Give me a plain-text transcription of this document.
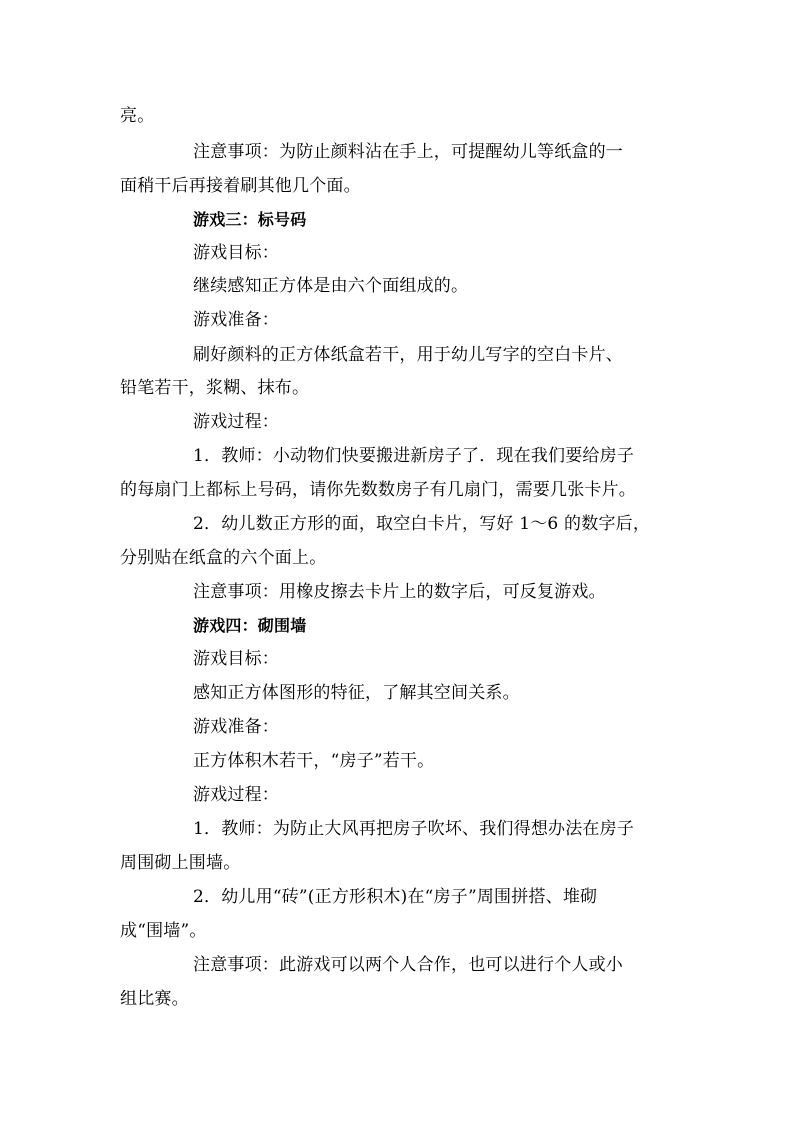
亮。
注意事项：为防止颜料沾在手上，可提醒幼儿等纸盒的一
面稍干后再接着刷其他几个面。
游戏三：标号码
游戏目标：
继续感知正方体是由六个面组成的。
游戏准备：
刷好颜料的正方体纸盒若干，用于幼儿写字的空白卡片、
铅笔若干，浆糊、抹布。
游戏过程：
1．教师：小动物们快要搬进新房子了．现在我们要给房子
的每扇门上都标上号码，请你先数数房子有几扇门，需要几张卡片。
2．幼儿数正方形的面，取空白卡片，写好 1～6 的数字后，
分别贴在纸盒的六个面上。
注意事项：用橡皮擦去卡片上的数字后，可反复游戏。
游戏四：砌围墙
游戏目标：
感知正方体图形的特征，了解其空间关系。
游戏准备：
正方体积木若干，“房子”若干。
游戏过程：
1．教师：为防止大风再把房子吹坏、我们得想办法在房子
周围砌上围墙。
2．幼儿用“砖”(正方形积木)在“房子”周围拼搭、堆砌
成“围墙”。
注意事项：此游戏可以两个人合作，也可以进行个人或小
组比赛。
